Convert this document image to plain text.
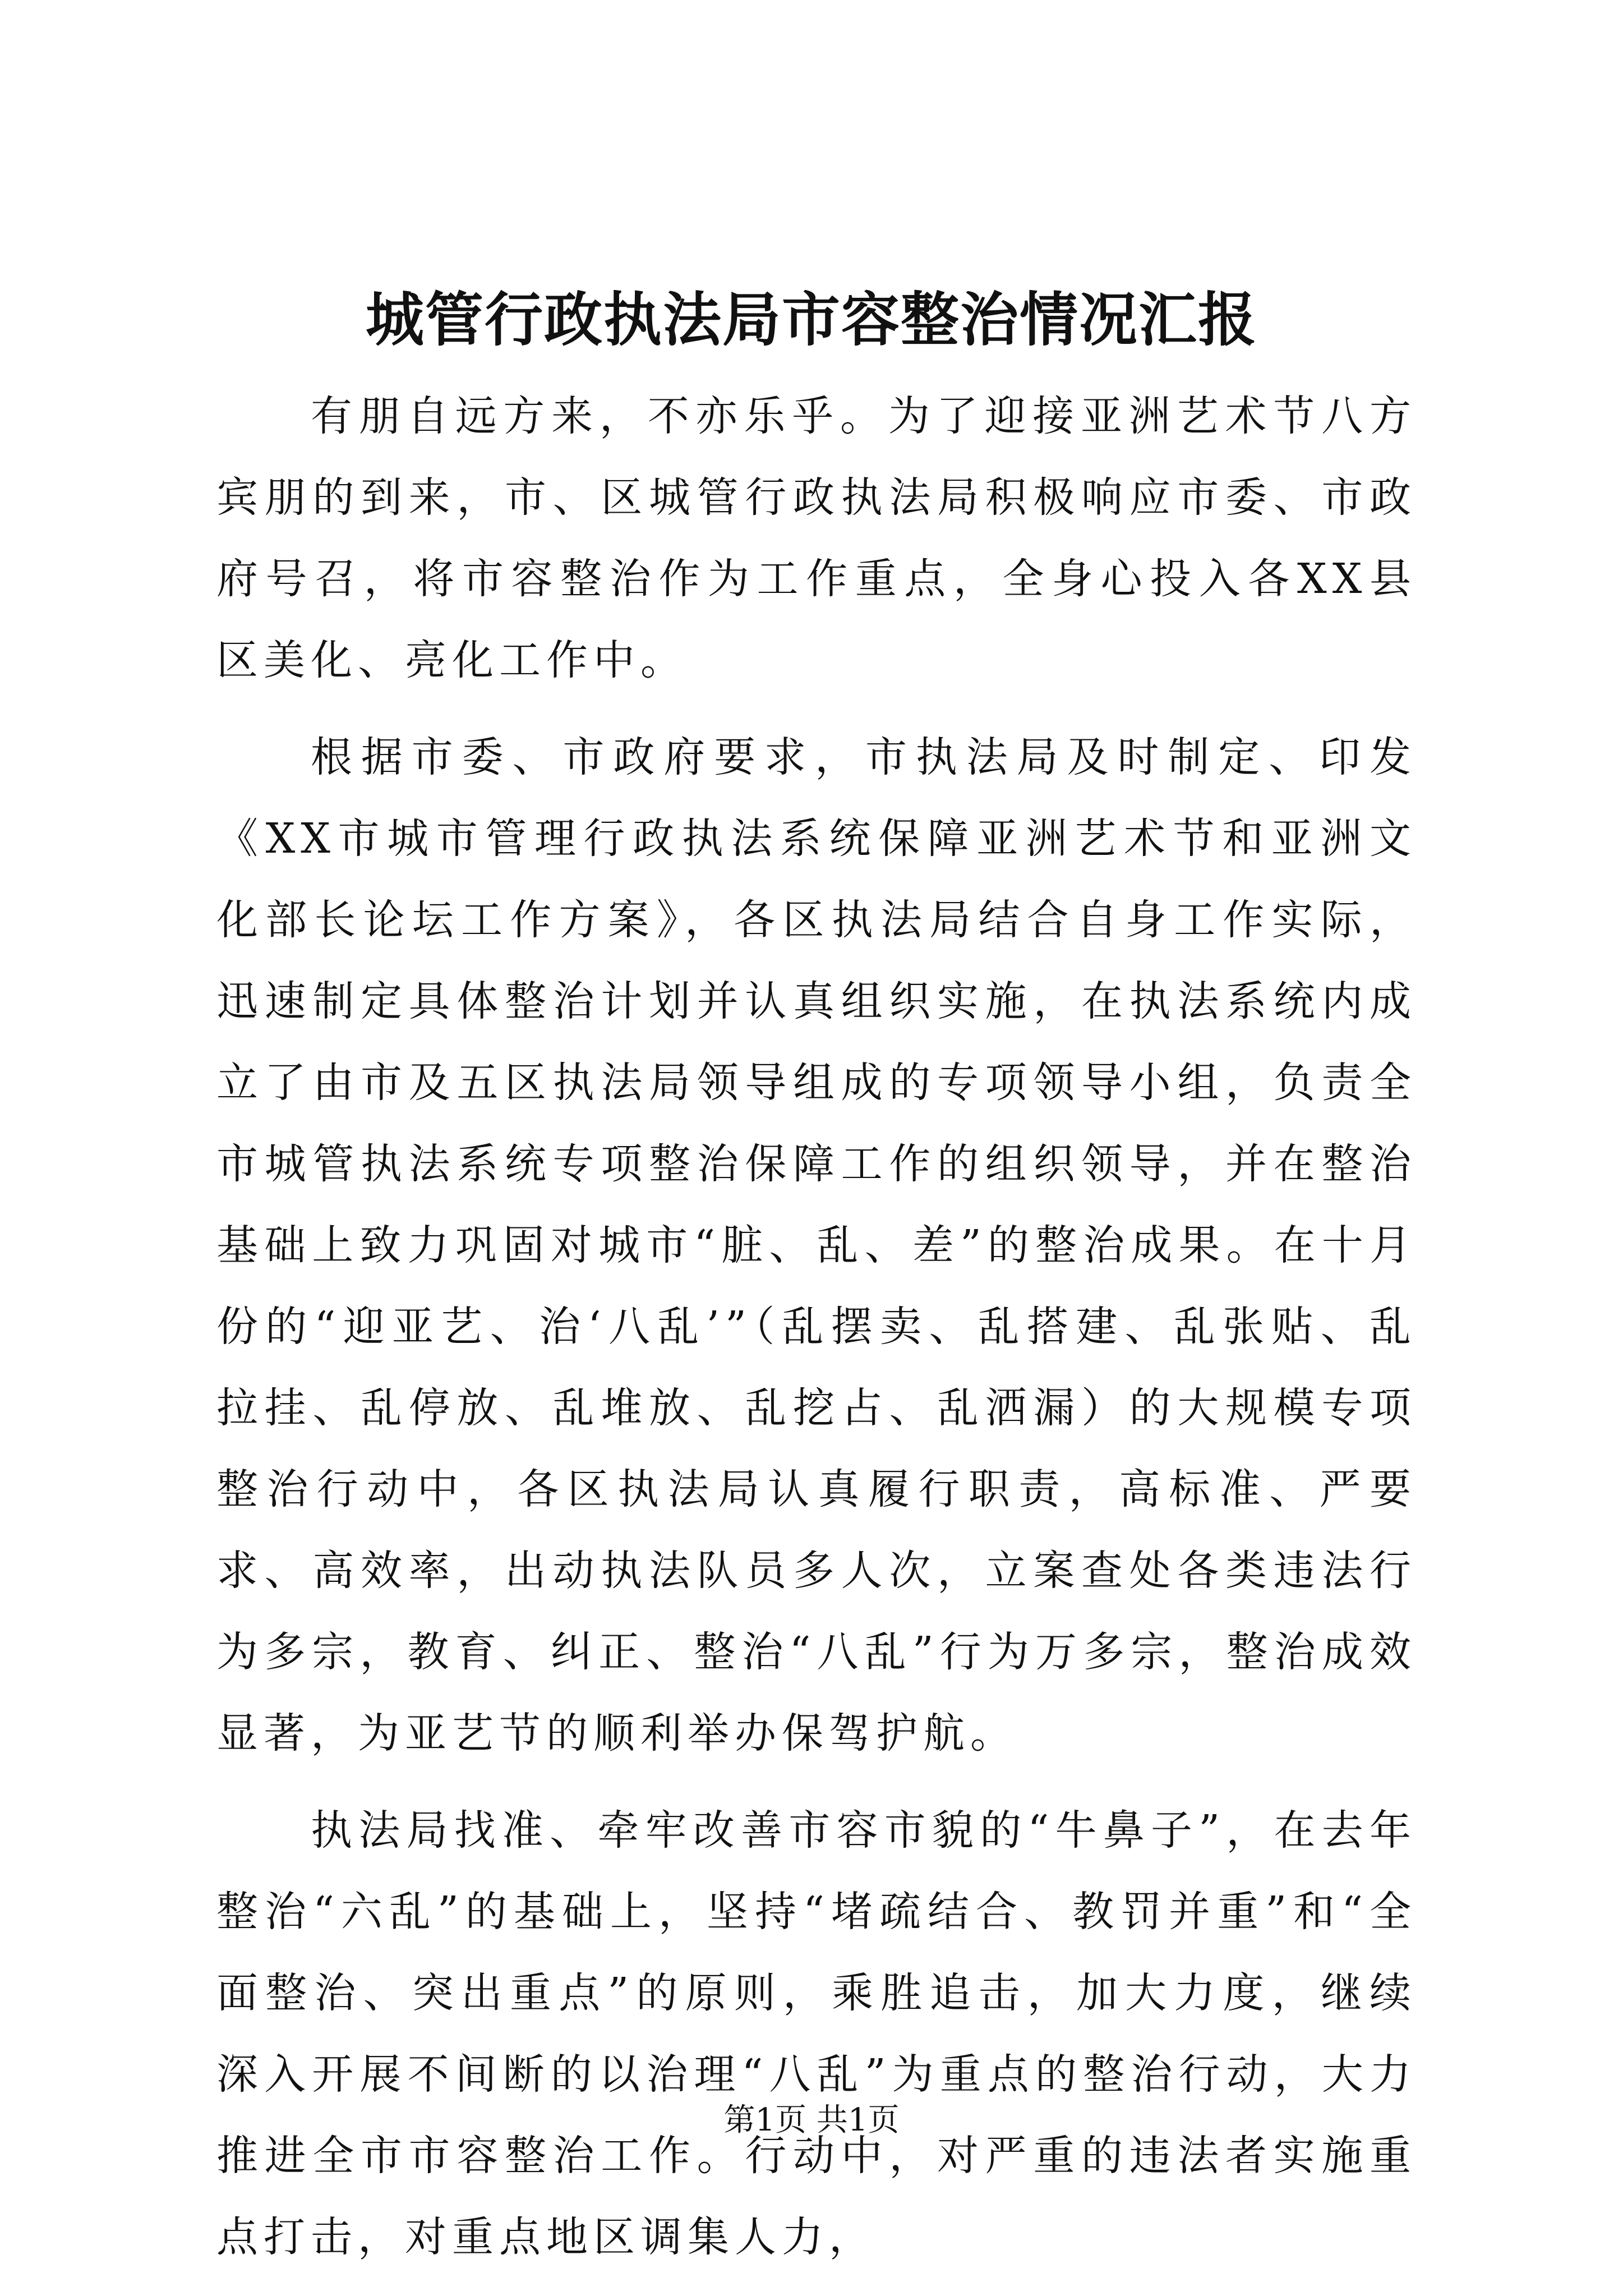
城管行政执法局市容整治情况汇报

有朋自远方来，不亦乐乎。为了迎接亚洲艺术节八方宾朋的到来，市、区城管行政执法局积极响应市委、市政府号召，将市容整治作为工作重点，全身心投入各XX县区美化、亮化工作中。

根据市委、市政府要求，市执法局及时制定、印发《XX市城市管理行政执法系统保障亚洲艺术节和亚洲文化部长论坛工作方案》，各区执法局结合自身工作实际，迅速制定具体整治计划并认真组织实施，在执法系统内成立了由市及五区执法局领导组成的专项领导小组，负责全市城管执法系统专项整治保障工作的组织领导，并在整治基础上致力巩固对城市“脏、乱、差”的整治成果。在十月份的“迎亚艺、治‘八乱’”（乱摆卖、乱搭建、乱张贴、乱拉挂、乱停放、乱堆放、乱挖占、乱洒漏）的大规模专项整治行动中，各区执法局认真履行职责，高标准、严要求、高效率，出动执法队员多人次，立案查处各类违法行为多宗，教育、纠正、整治“八乱”行为万多宗，整治成效显著，为亚艺节的顺利举办保驾护航。

执法局找准、牵牢改善市容市貌的“牛鼻子”，在去年整治“六乱”的基础上，坚持“堵疏结合、教罚并重”和“全面整治、突出重点”的原则，乘胜追击，加大力度，继续深入开展不间断的以治理“八乱”为重点的整治行动，大力推进全市市容整治工作。行动中，对严重的违法者实施重点打击，对重点地区调集人力，

第1页 共1页
